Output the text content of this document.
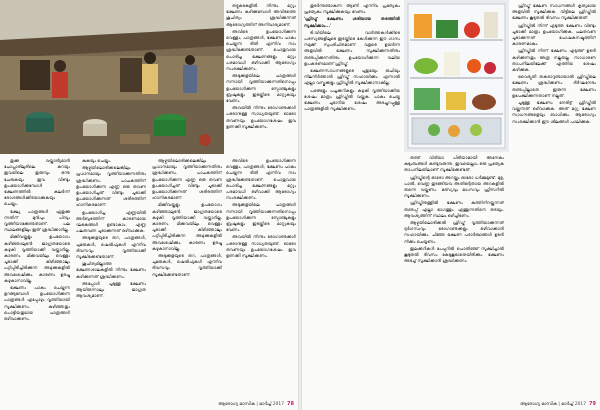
തട്ടുകടകളിൽ നിന്നും മറ്റും ഭക്ഷണം കഴിക്കുമ്പോൾ അവിടത്തെ ശുചിത്വം ശ്രദ്ധിക്കുന്നത് ആരോഗ്യത്തിന് അനിവാര്യമാണ്.

അവിടെ ഉപയോഗിക്കുന്ന വെള്ളം, പാത്രങ്ങൾ, ഭക്ഷണം പാകം ചെയ്യുന്ന രീതി എന്നിവ നാം ശ്രദ്ധിക്കേണ്ടതാണ്. പൊതുവായ പൊരിച്ച ഭക്ഷണങ്ങളും മറ്റും പരമാവധി ഒഴിവാക്കി ആരോഗ്യം സംരക്ഷിക്കണം.

അടുക്കളയിലെ പാത്രങ്ങൾ നന്നായി വൃത്തിയാക്കുന്നതിനൊപ്പം ഉപയോഗിക്കുന്ന സ്പോഞ്ചുകളും ബ്രഷുകളും ഇടയ്ക്കിടെ മാറ്റുകയും വേണം.

അവയിൽ നിന്നും രോഗാണുക്കൾ പടരാനുള്ള സാധ്യതയുണ്ട്. ഓരോ തവണയും ഉപയോഗശേഷം ഇവ ഉണക്കി സൂക്ഷിക്കണം.

തുക്കു വയ്ക്കാൻ്യമാൻ ചോപ്ലാരിലുരിലെ കറയും ഇവയിലെ തുരുമ്പും ഒന്നു ചേരുകയും ഇവ വീണ്ടും ഉപയോഗിക്കുമ്പോൾ ഭക്ഷണത്തിൽ കലർന്ന് രോഗങ്ങൾക്കിടയാക്കുകയും ചെയ്യും.

ഭക്ഷ്യ പാത്രങ്ങൾ ഏതുക്കു ന്നതിന് മുൻപും പിമ്പും വൃത്തിയാക്കേണ്ടതാണ്. പല സ്ഥലങ്ങളിലും ഇത് ശ്രദ്ധിക്കാറില്ല.

മിക്കിവയ്ക്കളും ഉപയോഗം കഴിഞ്ഞാലുടൻ ജാഗ്രതയോടെ കഴുകി വൃത്തിയാക്കി വയ്ക്കാറില്ല. കാരണം മിക്കവയിലും വെള്ളം ചൂടാക്കി കിഴിഞ്ഞാലും പറ്റിപ്പിടിച്ചിരിക്കുന്ന അഴുക്കുകളിൽ അവശേഷിക്കും. കാരണം ഉരച്ചു കഴുകാനാവില്ല.

ഭക്ഷണം പാകം ചെയ്യുന്ന ഉറങ്ങുമ്പോൾ ഉപയോഗിക്കുന്ന പാത്രങ്ങൾ എപ്പോഴും വൃത്തിയായി സൂക്ഷിക്കണം. കുഴിഞ്ഞതും പൊട്ടിയതുമായ പാത്രങ്ങൾ ഒഴിവാക്കണം.

കുകയും ചെയ്യും.

ആഴ്ചയിലൊരിക്കലെങ്കിലും പ്രധാനമായും വൃത്തിയാക്കുന്നതിനും ശ്രദ്ധിക്കണം. പാചകത്തിന് ഉപയോഗിക്കുന്ന എണ്ണ ഒരു തവണ ഉപയോഗിച്ചത് വീണ്ടും ചൂടാക്കി ഉപയോഗിക്കുന്നത് ശരീരത്തിന് ഹാനികരമാണ്.

ഉപയോഗിച്ച എണ്ണയിൽ അർബുദത്തിന് കാരണമായ ഘടകങ്ങൾ ഉണ്ടാകാം. എണ്ണ പലതവണ ചൂടാക്കുന്നത് ഒഴിവാക്കുക.

അടുക്കളയുടെ തറ, പാത്രങ്ങൾ, ചുമരുകൾ, ഷെൽഫുകൾ എന്നിവ ദിവസവും വൃത്തിയാക്കി സൂക്ഷിക്കേണ്ടതാണ്.

ശുചിത്വമില്ലാത്ത ഭക്ഷണശാലകളിൽ നിന്നും ഭക്ഷണം കഴിക്കുന്നത് ശ്രദ്ധിക്കണം.

അപ്പോൾ ചൂടുള്ള ഭക്ഷണം ആയിരുന്നാലും ജാഗ്രത ആവശ്യമാണ്.

ആഴ്ചയിലൊരിക്കലെങ്കിലും പ്രധാനമായും വൃത്തിയാക്കുന്നതിനും ശ്രദ്ധിക്കണം. പാചകത്തിന് ഉപയോഗിക്കുന്ന എണ്ണ ഒരു തവണ ഉപയോഗിച്ചത് വീണ്ടും ചൂടാക്കി ഉപയോഗിക്കുന്നത് ശരീരത്തിന് ഹാനികരമാണ്.

മിക്കിവയ്ക്കളും ഉപയോഗം കഴിഞ്ഞാലുടൻ ജാഗ്രതയോടെ കഴുകി വൃത്തിയാക്കി വയ്ക്കാറില്ല. കാരണം മിക്കവയിലും വെള്ളം ചൂടാക്കി കിഴിഞ്ഞാലും പറ്റിപ്പിടിച്ചിരിക്കുന്ന അഴുക്കുകളിൽ അവശേഷിക്കും. കാരണം ഉരച്ചു കഴുകാനാവില്ല.

അടുക്കളയുടെ തറ, പാത്രങ്ങൾ, ചുമരുകൾ, ഷെൽഫുകൾ എന്നിവ ദിവസവും വൃത്തിയാക്കി സൂക്ഷിക്കേണ്ടതാണ്.

അവിടെ ഉപയോഗിക്കുന്ന വെള്ളം, പാത്രങ്ങൾ, ഭക്ഷണം പാകം ചെയ്യുന്ന രീതി എന്നിവ നാം ശ്രദ്ധിക്കേണ്ടതാണ്. പൊതുവായ പൊരിച്ച ഭക്ഷണങ്ങളും മറ്റും പരമാവധി ഒഴിവാക്കി ആരോഗ്യം സംരക്ഷിക്കണം.

അടുക്കളയിലെ പാത്രങ്ങൾ നന്നായി വൃത്തിയാക്കുന്നതിനൊപ്പം ഉപയോഗിക്കുന്ന സ്പോഞ്ചുകളും ബ്രഷുകളും ഇടയ്ക്കിടെ മാറ്റുകയും വേണം.

അവയിൽ നിന്നും രോഗാണുക്കൾ പടരാനുള്ള സാധ്യതയുണ്ട്. ഓരോ തവണയും ഉപയോഗശേഷം ഇവ ഉണക്കി സൂക്ഷിക്കണം.

ആരോഗ്യ മാസിക | മാർച്ച് 2017 78

തുടർന്നുണ്ടാകുന്ന ആണി എന്നിവ പ്രത്യേകം പ്രത്യേകം സൂക്ഷിക്കുകയും വേണം.

'ഫ്രിഡ്ജ് ഭക്ഷണം ശരിയായ തരത്തിൽ സൂക്ഷിക്കാം...'

ടി.വിയിലെ വാർത്തകൾക്കിടെ പരസ്യങ്ങളിലൂടെ ഇടയ്ക്കിടെ കേൾക്കുന്ന ഈ ഗാനം നമുക്ക് സുപരിചിതമാണ്. വളരെ ഉയർന്ന അളവിൽ ഭക്ഷണം സൂക്ഷിക്കുന്നതിനും തണുപ്പിക്കുന്നതിനും ഉപയോഗിക്കുന്ന വലിയ ഉപകരണമാണ് ഫ്രിഡ്ജ്.

ഭക്ഷണസാധനങ്ങളുടെ പുതുമയും രുചിയും നിലനിർത്താൻ ഫ്രിഡ്ജ് സഹായിക്കും. എന്നാൽ എല്ലാ വസ്തുക്കളും ഫ്രിഡ്ജിൽ സൂക്ഷിക്കാനാകില്ല.

പഴങ്ങളും പച്ചക്കറികളും കഴുകി വൃത്തിയാക്കിയ ശേഷം മാത്രം ഫ്രിഡ്ജിൽ വയ്ക്കുക. പാകം ചെയ്ത ഭക്ഷണം ചൂടാറിയ ശേഷം അടച്ചുറപ്പുള്ള പാത്രങ്ങളിൽ സൂക്ഷിക്കണം.

തണ്ട് വിരിയാ പിരിയാമായി അനേകം കുടുംബങ്ങൾ കണ്ടുവരുന്നു. ഇവയെല്ലാം ഒരു പ്രത്യേക താപനിലയിലാണ് സൂക്ഷിക്കേണ്ടത്.

ഫ്രിഡ്ജിന്റെ ഓരോ അറയ്ക്കും ഓരോ ധർമ്മമുണ്ട്. മുട്ട, പാൽ, വെണ്ണ തുടങ്ങിയവ അതിന്റേതായ അറകളിൽ തന്നെ വയ്ക്കണം. മത്സ്യവും മാംസവും ഫ്രീസറിൽ സൂക്ഷിക്കണം.

ഫ്രിഡ്ജിനുള്ളിൽ ഭക്ഷണം കുത്തിനിറയ്ക്കുന്നത് തണുപ്പ് എല്ലാ ഭാഗത്തും എത്തുന്നതിനെ തടയും. ആവശ്യത്തിന് സ്ഥലം ഒഴിച്ചിടണം.

ആഴ്ചയിലൊരിക്കൽ ഫ്രിഡ്ജ് വൃത്തിയാക്കുന്നത് ദുർഗന്ധവും രോഗാണുക്കളും ഒഴിവാക്കാൻ സഹായിക്കും. ചീഞ്ഞ ഭക്ഷണ പദാർത്ഥങ്ങൾ ഉടൻ നീക്കം ചെയ്യണം.

ഇലക്കറികൾ പേപ്പറിൽ പൊതിഞ്ഞ് സൂക്ഷിച്ചാൽ കൂടുതൽ ദിവസം കേടുകൂടാതെയിരിക്കും. ഭക്ഷണം അടച്ച് സൂക്ഷിക്കാൻ ശ്രദ്ധിക്കണം.

ഫ്രിഡ്ജ് ഭക്ഷണ സാധനങ്ങൾ കൃത്യമായ അളവിൽ സൂക്ഷിക്കുക. വീട്ടിലെ ഫ്രിഡ്ജിൽ ഭക്ഷണം കൂടുതൽ ദിവസം സൂക്ഷിക്കരുത്.

ഫ്രിഡ്ജിൽ നിന്ന് എടുത്ത ഭക്ഷണം വീണ്ടും ചൂടാക്കി മാത്രം ഉപയോഗിക്കുക. പലതവണ ചൂടാക്കുന്നത് പോഷകനഷ്ടത്തിന് കാരണമാകും.

ഫ്രിഡ്ജിൽ നിന്ന് ഭക്ഷണം എടുത്ത് ഉടൻ കഴിക്കുന്നതും അത്ര നല്ലതല്ല. സാധാരണ താപനിലയിലേക്ക് എത്തിയ ശേഷം കഴിക്കുക.

വൈദ്യുതി തകരാറുണ്ടായാൽ ഫ്രിഡ്ജിലെ ഭക്ഷണം ശ്രദ്ധിക്കണം. ദീർഘനേരം തണുപ്പില്ലാതെ ഇരുന്ന ഭക്ഷണം ഉപേക്ഷിക്കുന്നതാണ് നല്ലത്.

ചൂടുള്ള ഭക്ഷണം നേരിട്ട് ഫ്രിഡ്ജിൽ വയ്ക്കുന്നത് ഒഴിവാക്കുക. അത് മറ്റു ഭക്ഷണ സാധനങ്ങളെയും ബാധിക്കും. ആരോഗ്യം സംരക്ഷിക്കാൻ ഈ ശീലങ്ങൾ പാലിക്കുക.

ആരോഗ്യ മാസിക | മാർച്ച് 2017 79
